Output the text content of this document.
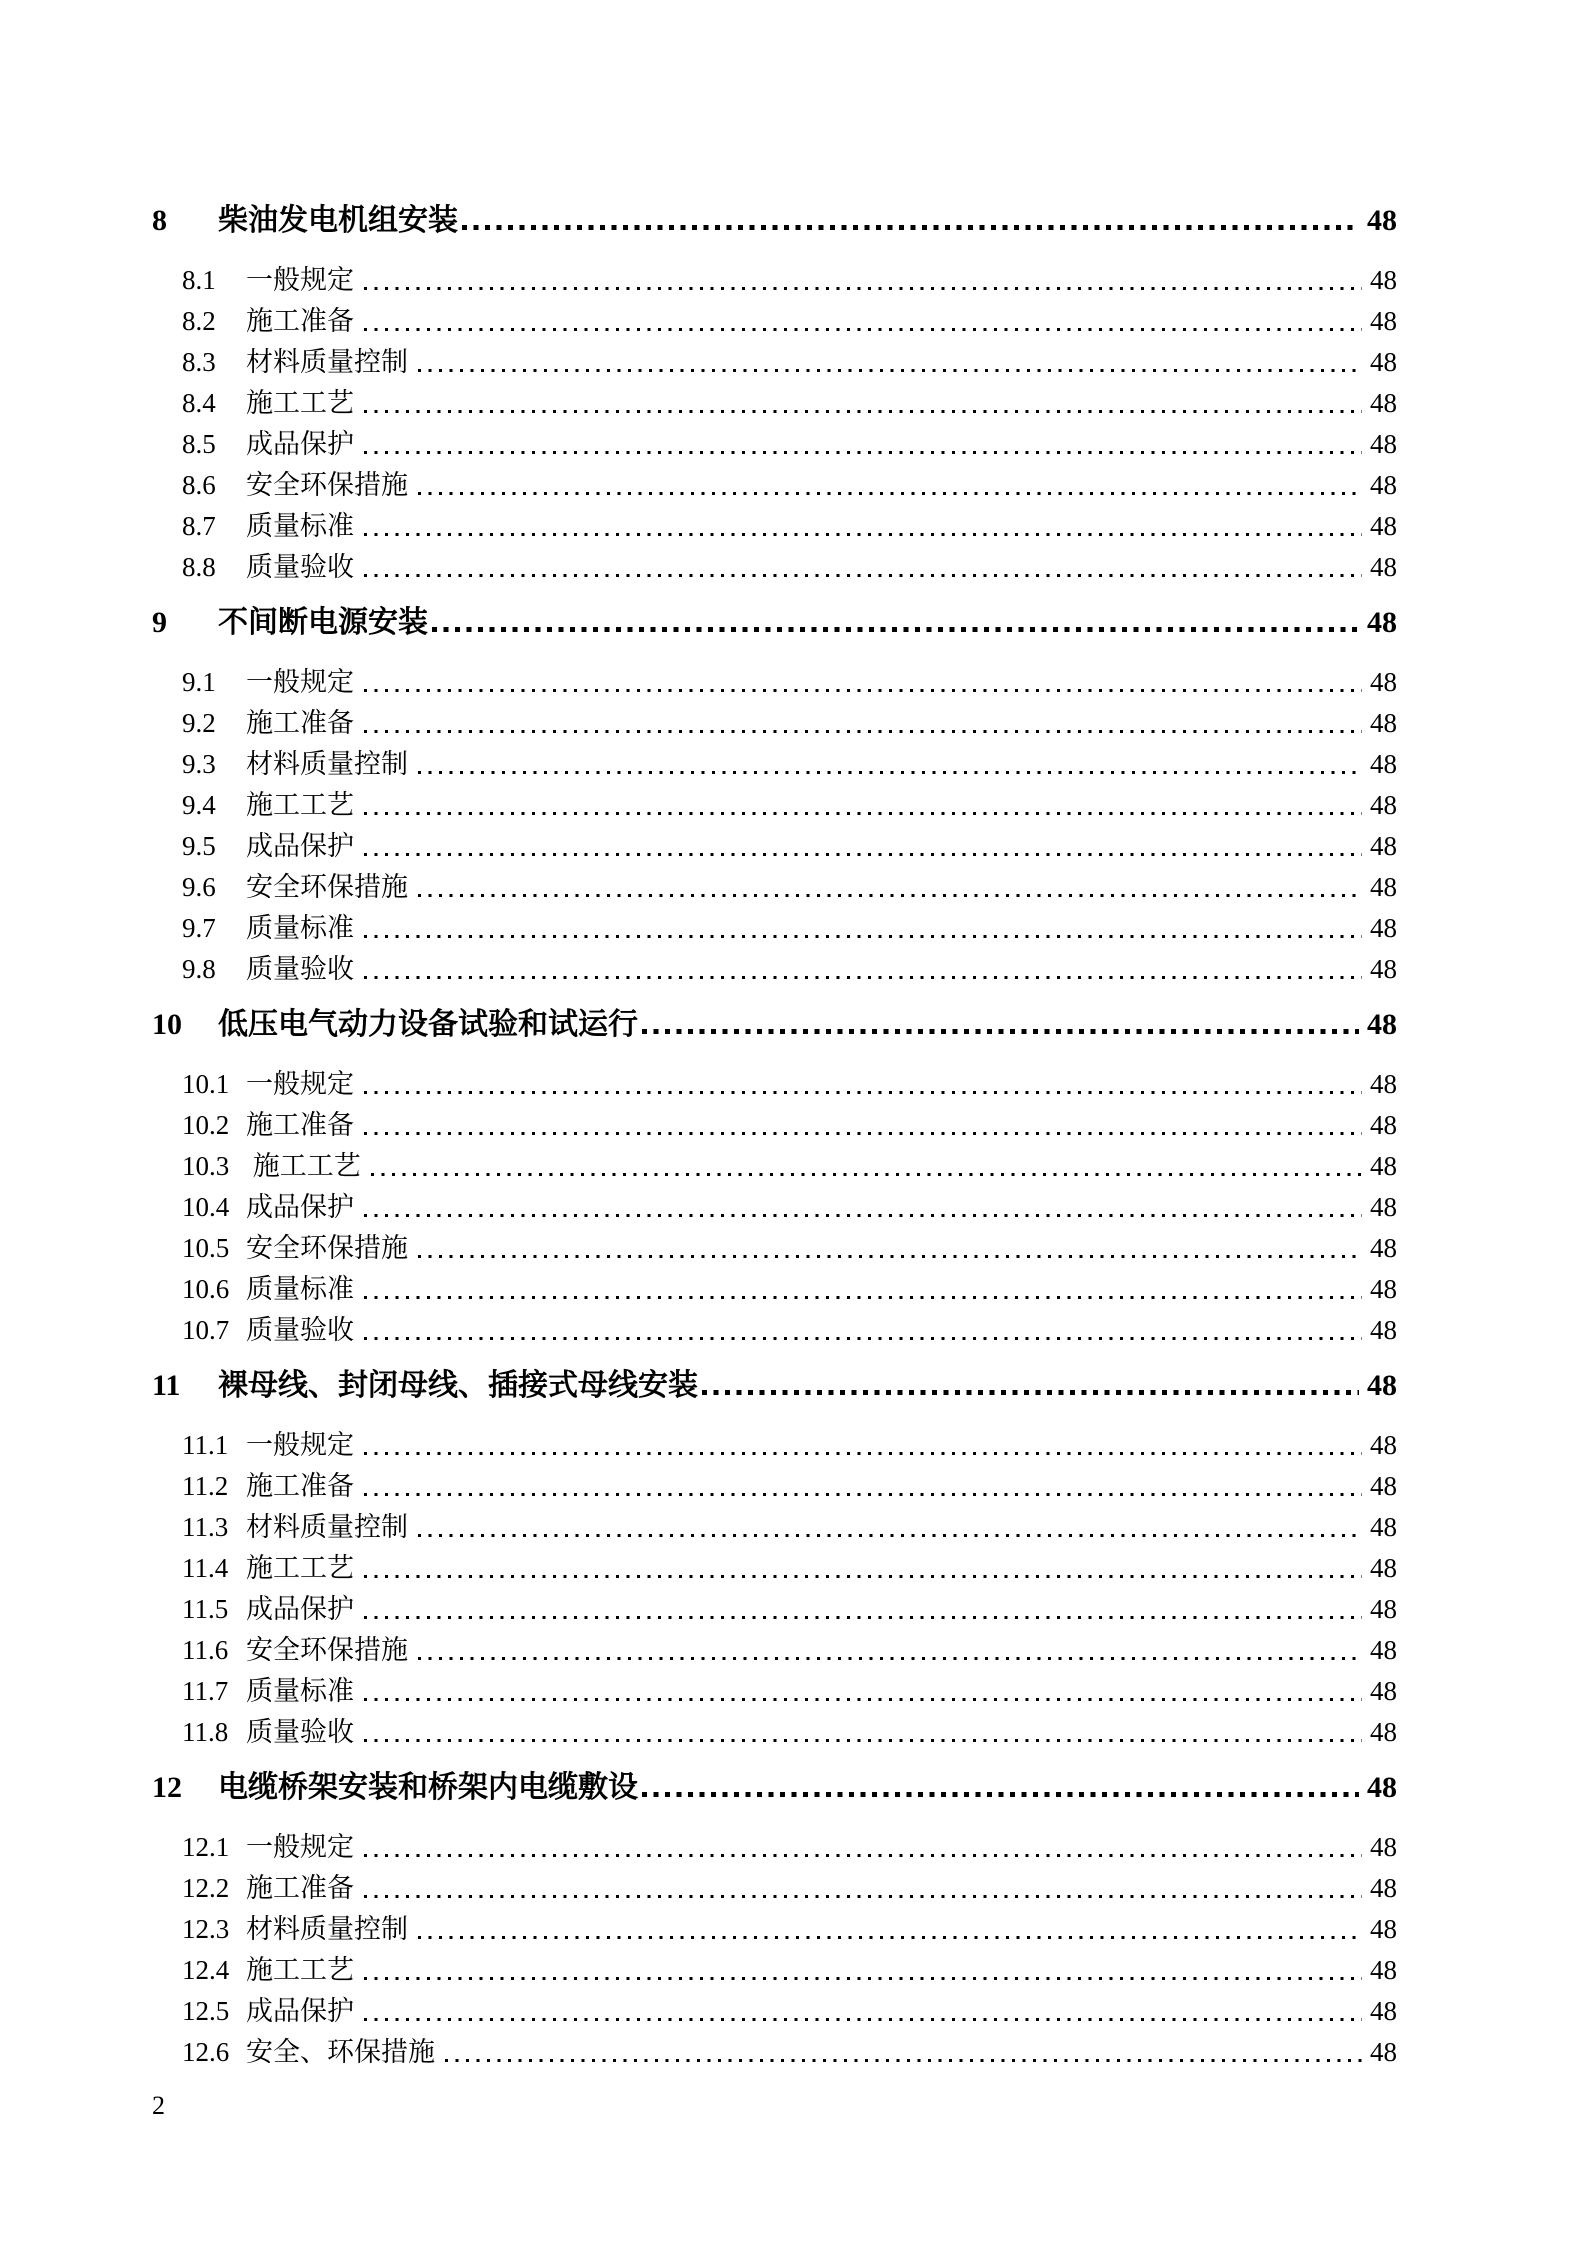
8	柴油发电机组安装	48
8.1	一般规定	48
8.2	施工准备	48
8.3	材料质量控制	48
8.4	施工工艺	48
8.5	成品保护	48
8.6	安全环保措施	48
8.7	质量标准	48
8.8	质量验收	48
9	不间断电源安装	48
9.1	一般规定	48
9.2	施工准备	48
9.3	材料质量控制	48
9.4	施工工艺	48
9.5	成品保护	48
9.6	安全环保措施	48
9.7	质量标准	48
9.8	质量验收	48
10	低压电气动力设备试验和试运行	48
10.1 一般规定	48
10.2 施工准备	48
10.3 施工工艺	48
10.4 成品保护	48
10.5 安全环保措施	48
10.6 质量标准	48
10.7 质量验收	48
11	裸母线、封闭母线、插接式母线安装	48
11.1 一般规定	48
11.2 施工准备	48
11.3 材料质量控制	48
11.4 施工工艺	48
11.5 成品保护	48
11.6 安全环保措施	48
11.7 质量标准	48
11.8 质量验收	48
12	电缆桥架安装和桥架内电缆敷设	48
12.1 一般规定	48
12.2 施工准备	48
12.3 材料质量控制	48
12.4 施工工艺	48
12.5 成品保护	48
12.6 安全、环保措施	48
2
